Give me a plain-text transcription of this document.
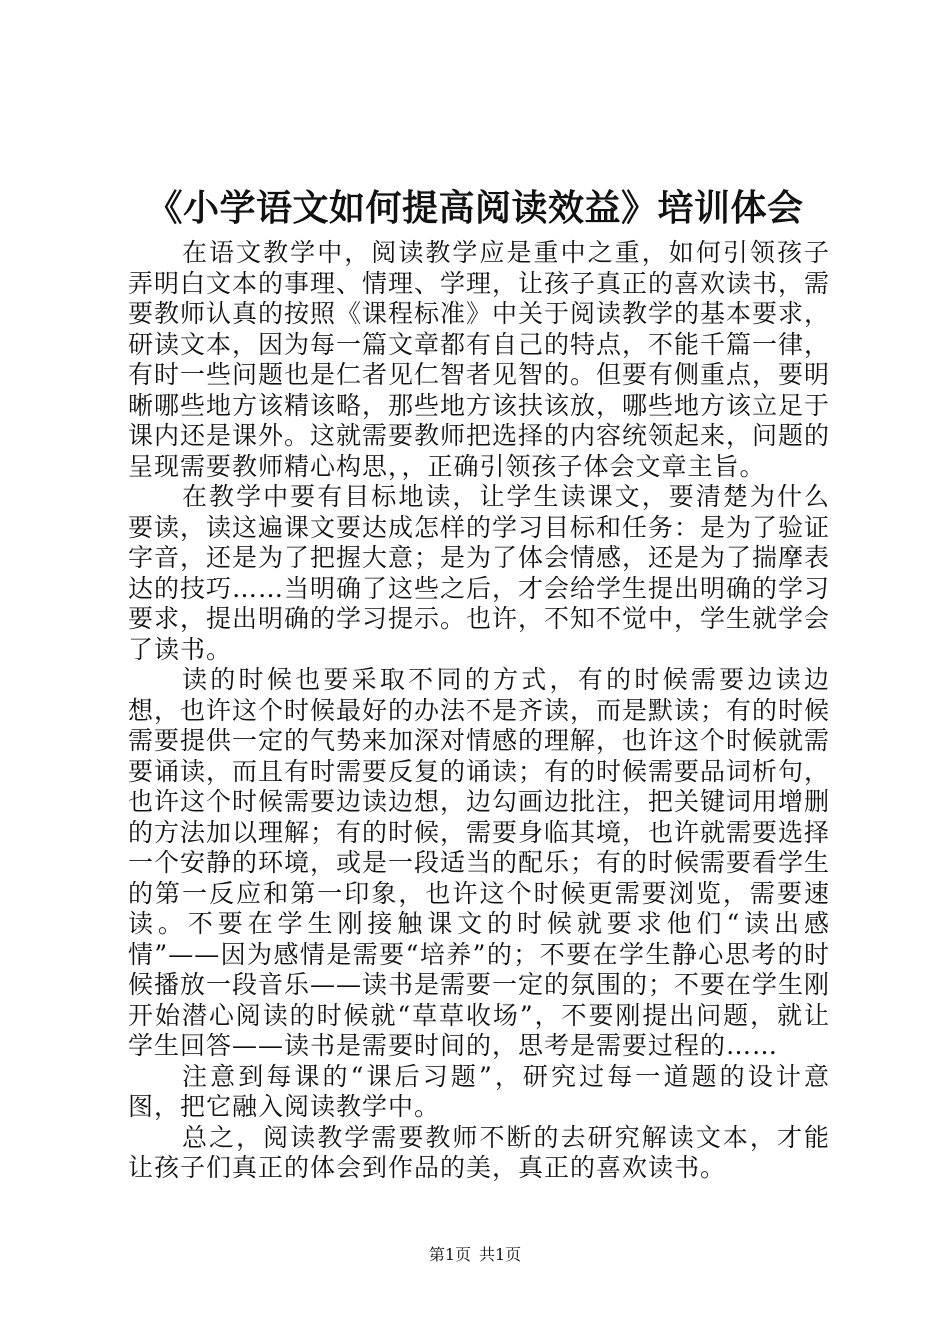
《小学语文如何提高阅读效益》培训体会

在语文教学中，阅读教学应是重中之重，如何引领孩子弄明白文本的事理、情理、学理，让孩子真正的喜欢读书，需要教师认真的按照《课程标准》中关于阅读教学的基本要求，研读文本，因为每一篇文章都有自己的特点，不能千篇一律，有时一些问题也是仁者见仁智者见智的。但要有侧重点，要明晰哪些地方该精该略，那些地方该扶该放，哪些地方该立足于课内还是课外。这就需要教师把选择的内容统领起来，问题的呈现需要教师精心构思，，正确引领孩子体会文章主旨。

在教学中要有目标地读，让学生读课文，要清楚为什么要读，读这遍课文要达成怎样的学习目标和任务：是为了验证字音，还是为了把握大意；是为了体会情感，还是为了揣摩表达的技巧……当明确了这些之后，才会给学生提出明确的学习要求，提出明确的学习提示。也许，不知不觉中，学生就学会了读书。

读的时候也要采取不同的方式，有的时候需要边读边想，也许这个时候最好的办法不是齐读，而是默读；有的时候需要提供一定的气势来加深对情感的理解，也许这个时候就需要诵读，而且有时需要反复的诵读；有的时候需要品词析句，也许这个时候需要边读边想，边勾画边批注，把关键词用增删的方法加以理解；有的时候，需要身临其境，也许就需要选择一个安静的环境，或是一段适当的配乐；有的时候需要看学生的第一反应和第一印象，也许这个时候更需要浏览，需要速读。不要在学生刚接触课文的时候就要求他们“读出感情”——因为感情是需要“培养”的；不要在学生静心思考的时候播放一段音乐——读书是需要一定的氛围的；不要在学生刚开始潜心阅读的时候就“草草收场”，不要刚提出问题，就让学生回答——读书是需要时间的，思考是需要过程的……

注意到每课的“课后习题”，研究过每一道题的设计意图，把它融入阅读教学中。

总之，阅读教学需要教师不断的去研究解读文本，才能让孩子们真正的体会到作品的美，真正的喜欢读书。

第1页 共1页
